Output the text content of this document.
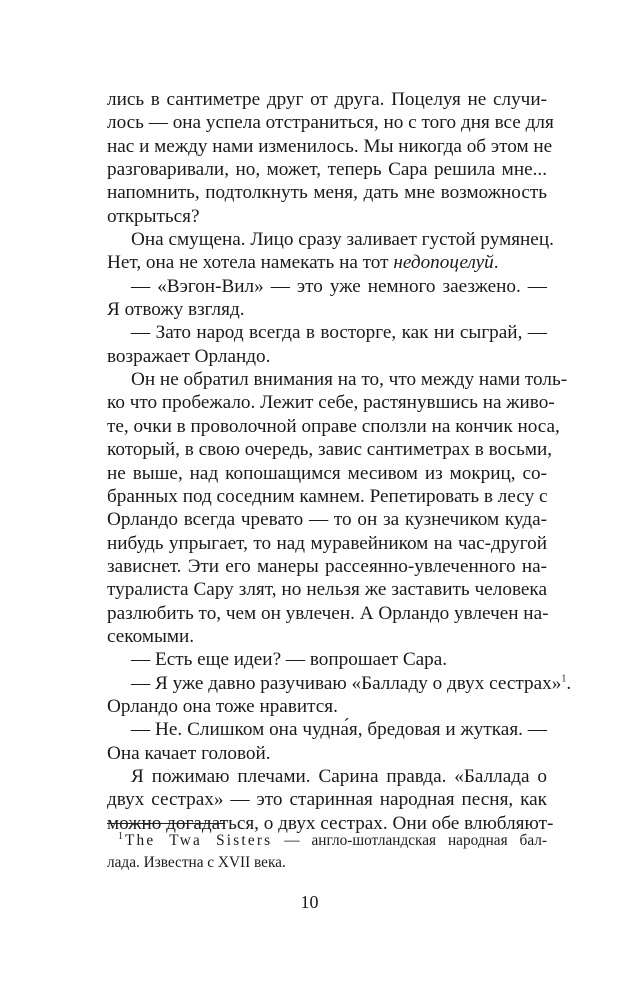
лись в сантиметре друг от друга. Поцелуя не случи-
лось — она успела отстраниться, но с того дня все для
нас и между нами изменилось. Мы никогда об этом не
разговаривали, но, может, теперь Сара решила мне...
напомнить, подтолкнуть меня, дать мне возможность
открыться?
Она смущена. Лицо сразу заливает густой румянец.
Нет, она не хотела намекать на тот недопоцелуй.
— «Вэгон-Вил» — это уже немного заезжено. —
Я отвожу взгляд.
— Зато народ всегда в восторге, как ни сыграй, —
возражает Орландо.
Он не обратил внимания на то, что между нами толь-
ко что пробежало. Лежит себе, растянувшись на живо-
те, очки в проволочной оправе сползли на кончик носа,
который, в свою очередь, завис сантиметрах в восьми,
не выше, над копошащимся месивом из мокриц, со-
бранных под соседним камнем. Репетировать в лесу с
Орландо всегда чревато — то он за кузнечиком куда-
нибудь упрыгает, то над муравейником на час-другой
зависнет. Эти его манеры рассеянно-увлеченного на-
туралиста Сару злят, но нельзя же заставить человека
разлюбить то, чем он увлечен. А Орландо увлечен на-
секомыми.
— Есть еще идеи? — вопрошает Сара.
— Я уже давно разучиваю «Балладу о двух сестрах»$^1$.
Орландо она тоже нравится.
— Не. Слишком она чудна́я, бредовая и жуткая. —
Она качает головой.
Я пожимаю плечами. Сарина правда. «Баллада о
двух сестрах» — это старинная народная песня, как
можно догадаться, о двух сестрах. Они обе влюбляют-
$^1$ The Twa Sisters — англо-шотландская народная бал-
лада. Известна с XVII века.
10
